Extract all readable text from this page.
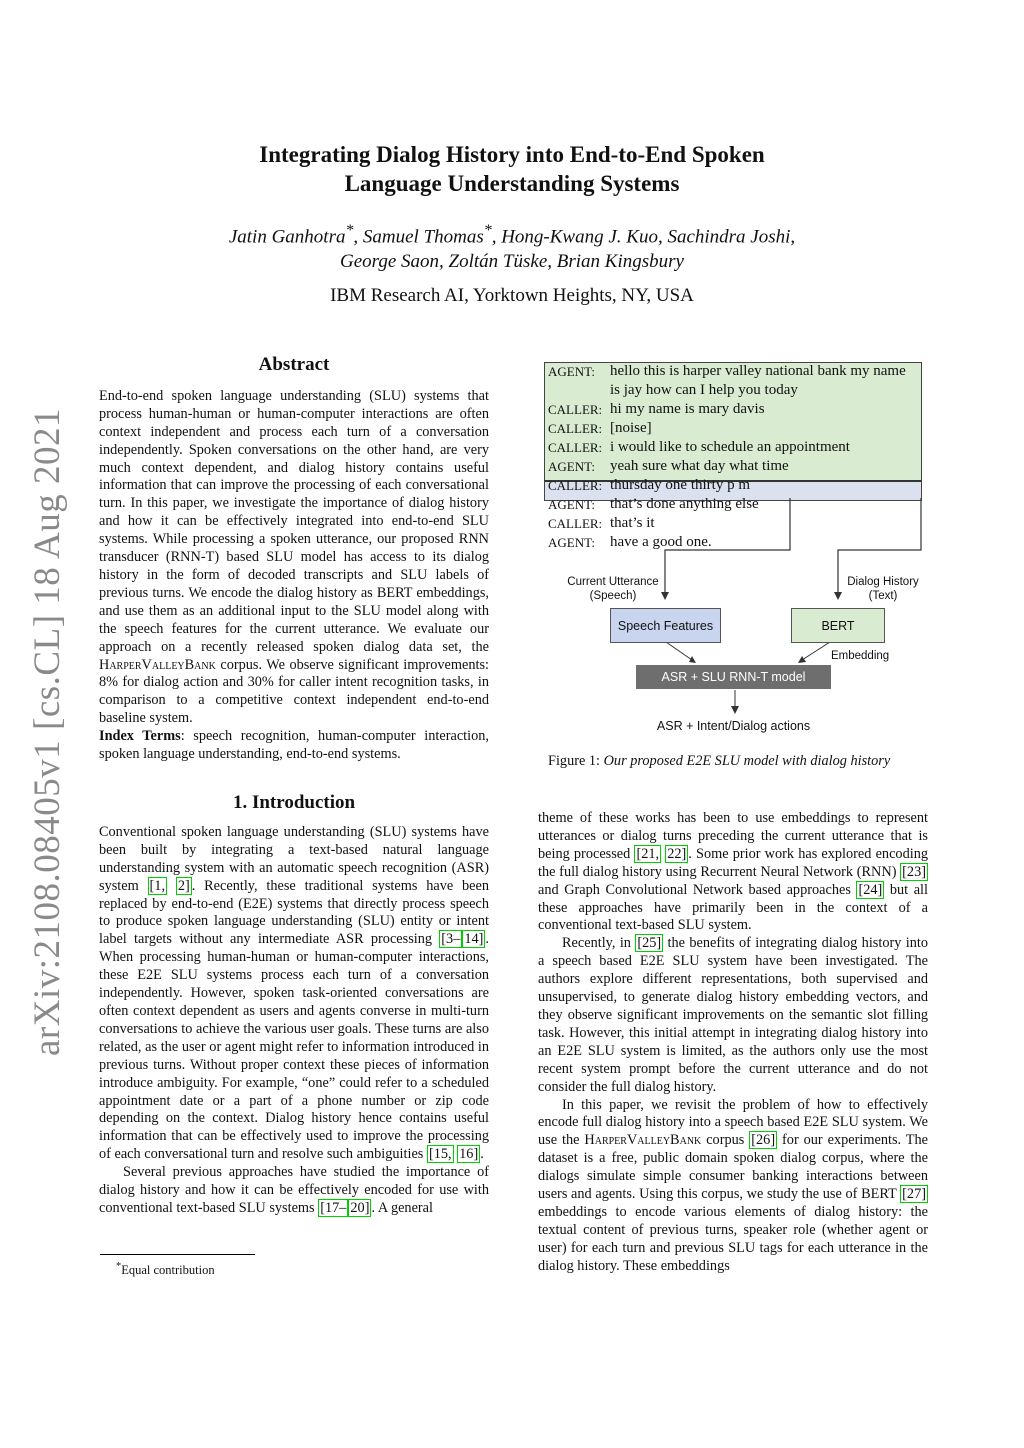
Integrating Dialog History into End-to-End Spoken
Language Understanding Systems
Jatin Ganhotra*, Samuel Thomas*, Hong-Kwang J. Kuo, Sachindra Joshi,
George Saon, Zoltán Tüske, Brian Kingsbury
IBM Research AI, Yorktown Heights, NY, USA
arXiv:2108.08405v1 [cs.CL] 18 Aug 2021
Abstract

End-to-end spoken language understanding (SLU) systems that process human-human or human-computer interactions are often context independent and process each turn of a conversation independently. Spoken conversations on the other hand, are very much context dependent, and dialog history contains useful information that can improve the processing of each conversational turn. In this paper, we investigate the importance of dialog history and how it can be effectively integrated into end-to-end SLU systems. While processing a spoken utterance, our proposed RNN transducer (RNN-T) based SLU model has access to its dialog history in the form of decoded transcripts and SLU labels of previous turns. We encode the dialog history as BERT embeddings, and use them as an additional input to the SLU model along with the speech features for the current utterance. We evaluate our approach on a recently released spoken dialog data set, the HarperValleyBank corpus. We observe significant improvements: 8% for dialog action and 30% for caller intent recognition tasks, in comparison to a competitive context independent end-to-end baseline system.

Index Terms: speech recognition, human-computer interaction, spoken language understanding, end-to-end systems.

1. Introduction

Conventional spoken language understanding (SLU) systems have been built by integrating a text-based natural language understanding system with an automatic speech recognition (ASR) system [1, 2] . Recently, these traditional systems have been replaced by end-to-end (E2E) systems that directly process speech to produce spoken language understanding (SLU) entity or intent label targets without any intermediate ASR processing [3– 14] . When processing human-human or human-computer interactions, these E2E SLU systems process each turn of a conversation independently. However, spoken task-oriented conversations are often context dependent as users and agents converse in multi-turn conversations to achieve the various user goals. These turns are also related, as the user or agent might refer to information introduced in previous turns. Without proper context these pieces of information introduce ambiguity. For example, “one” could refer to a scheduled appointment date or a part of a phone number or zip code depending on the context. Dialog history hence contains useful information that can be effectively used to improve the processing of each conversational turn and resolve such ambiguities [15, 16] .

Several previous approaches have studied the importance of dialog history and how it can be effectively encoded for use with conventional text-based SLU systems [17– 20] . A general

*Equal contribution
AGENT: hello this is harper valley national bank my name is jay how can I help you today
CALLER: hi my name is mary davis
CALLER: [noise]
CALLER: i would like to schedule an appointment
AGENT: yeah sure what day what time
CALLER: thursday one thirty p m
AGENT: that’s done anything else
CALLER: that’s it
AGENT: have a good one.
Current Utterance
(Speech)
Dialog History
(Text)
Speech Features	BERT
Embedding
ASR + SLU RNN-T model
ASR + Intent/Dialog actions
Figure 1: Our proposed E2E SLU model with dialog history

theme of these works has been to use embeddings to represent utterances or dialog turns preceding the current utterance that is being processed [21, 22] . Some prior work has explored encoding the full dialog history using Recurrent Neural Network (RNN) [23] and Graph Convolutional Network based approaches [24] but all these approaches have primarily been in the context of a conventional text-based SLU system.

Recently, in [25] the benefits of integrating dialog history into a speech based E2E SLU system have been investigated. The authors explore different representations, both supervised and unsupervised, to generate dialog history embedding vectors, and they observe significant improvements on the semantic slot filling task. However, this initial attempt in integrating dialog history into an E2E SLU system is limited, as the authors only use the most recent system prompt before the current utterance and do not consider the full dialog history.

In this paper, we revisit the problem of how to effectively encode full dialog history into a speech based E2E SLU system. We use the HarperValleyBank corpus [26] for our experiments. The dataset is a free, public domain spoken dialog corpus, where the dialogs simulate simple consumer banking interactions between users and agents. Using this corpus, we study the use of BERT [27] embeddings to encode various elements of dialog history: the textual content of previous turns, speaker role (whether agent or user) for each turn and previous SLU tags for each utterance in the dialog history. These embeddings
